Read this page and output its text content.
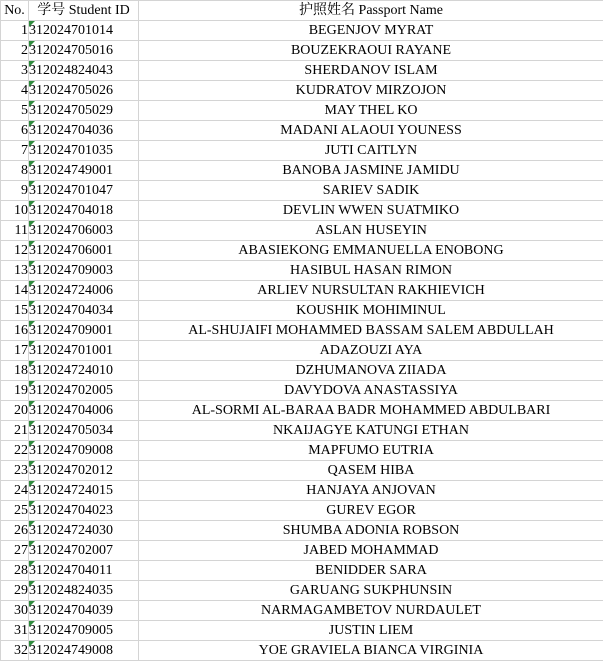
No.	学号 Student ID	护照姓名 Passport Name
1	312024701014	BEGENJOV MYRAT
2	312024705016	BOUZEKRAOUI RAYANE
3	312024824043	SHERDANOV ISLAM
4	312024705026	KUDRATOV MIRZOJON
5	312024705029	MAY THEL KO
6	312024704036	MADANI ALAOUI YOUNESS
7	312024701035	JUTI CAITLYN
8	312024749001	BANOBA JASMINE JAMIDU
9	312024701047	SARIEV SADIK
10	312024704018	DEVLIN WWEN SUATMIKO
11	312024706003	ASLAN HUSEYIN
12	312024706001	ABASIEKONG EMMANUELLA ENOBONG
13	312024709003	HASIBUL HASAN RIMON
14	312024724006	ARLIEV NURSULTAN RAKHIEVICH
15	312024704034	KOUSHIK MOHIMINUL
16	312024709001	AL-SHUJAIFI MOHAMMED BASSAM SALEM ABDULLAH
17	312024701001	ADAZOUZI AYA
18	312024724010	DZHUMANOVA ZIIADA
19	312024702005	DAVYDOVA ANASTASSIYA
20	312024704006	AL-SORMI AL-BARAA BADR MOHAMMED ABDULBARI
21	312024705034	NKAIJAGYE KATUNGI ETHAN
22	312024709008	MAPFUMO EUTRIA
23	312024702012	QASEM HIBA
24	312024724015	HANJAYA ANJOVAN
25	312024704023	GUREV EGOR
26	312024724030	SHUMBA ADONIA ROBSON
27	312024702007	JABED MOHAMMAD
28	312024704011	BENIDDER SARA
29	312024824035	GARUANG SUKPHUNSIN
30	312024704039	NARMAGAMBETOV NURDAULET
31	312024709005	JUSTIN LIEM
32	312024749008	YOE GRAVIELA BIANCA VIRGINIA
